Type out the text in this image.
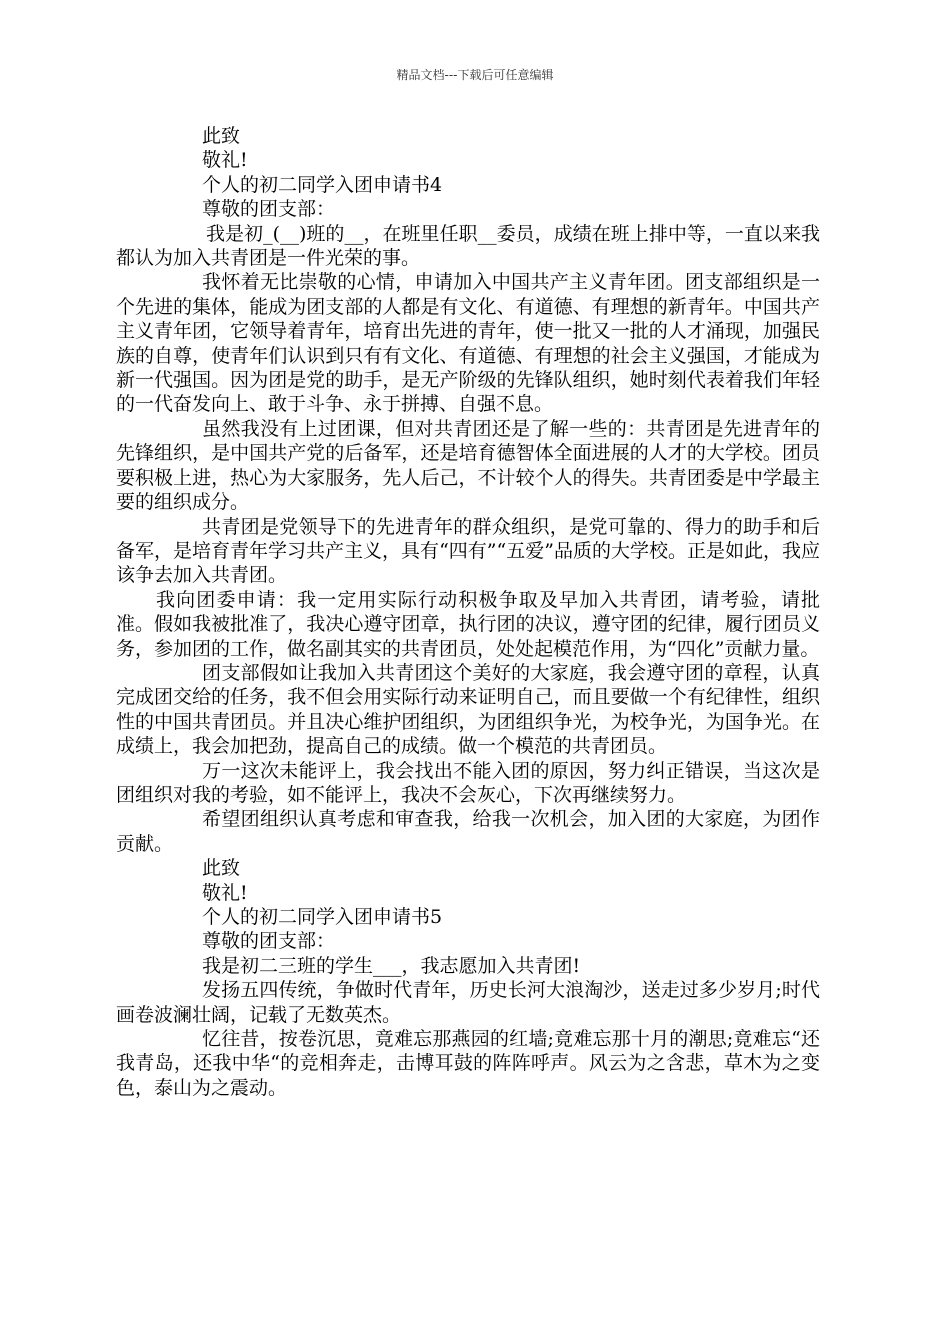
精品文档---下载后可任意编辑

此致

敬礼!

个人的初二同学入团申请书4

尊敬的团支部：

我是初_(__)班的__，在班里任职__委员，成绩在班上排中等，一直以来我都认为加入共青团是一件光荣的事。

我怀着无比崇敬的心情，申请加入中国共产主义青年团。团支部组织是一个先进的集体，能成为团支部的人都是有文化、有道德、有理想的新青年。中国共产主义青年团，它领导着青年，培育出先进的青年，使一批又一批的人才涌现，加强民族的自尊，使青年们认识到只有有文化、有道德、有理想的社会主义强国，才能成为新一代强国。因为团是党的助手，是无产阶级的先锋队组织，她时刻代表着我们年轻的一代奋发向上、敢于斗争、永于拼搏、自强不息。

虽然我没有上过团课，但对共青团还是了解一些的：共青团是先进青年的先锋组织，是中国共产党的后备军，还是培育德智体全面进展的人才的大学校。团员要积极上进，热心为大家服务，先人后己，不计较个人的得失。共青团委是中学最主要的组织成分。

共青团是党领导下的先进青年的群众组织，是党可靠的、得力的助手和后备军，是培育青年学习共产主义，具有“四有”“五爱”品质的大学校。正是如此，我应该争去加入共青团。

我向团委申请：我一定用实际行动积极争取及早加入共青团，请考验，请批准。假如我被批准了，我决心遵守团章，执行团的决议，遵守团的纪律，履行团员义务，参加团的工作，做名副其实的共青团员，处处起模范作用，为“四化”贡献力量。

团支部假如让我加入共青团这个美好的大家庭，我会遵守团的章程，认真完成团交给的任务，我不但会用实际行动来证明自己，而且要做一个有纪律性，组织性的中国共青团员。并且决心维护团组织，为团组织争光，为校争光，为国争光。在成绩上，我会加把劲，提高自己的成绩。做一个模范的共青团员。

万一这次未能评上，我会找出不能入团的原因，努力纠正错误，当这次是团组织对我的考验，如不能评上，我决不会灰心，下次再继续努力。

希望团组织认真考虑和审查我，给我一次机会，加入团的大家庭，为团作贡献。

此致

敬礼!

个人的初二同学入团申请书5

尊敬的团支部：

我是初二三班的学生___，我志愿加入共青团!

发扬五四传统，争做时代青年，历史长河大浪淘沙，送走过多少岁月;时代画卷波澜壮阔，记载了无数英杰。

忆往昔，按卷沉思，竟难忘那燕园的红墙;竟难忘那十月的潮思;竟难忘“还我青岛，还我中华“的竞相奔走，击博耳鼓的阵阵呼声。风云为之含悲，草木为之变色，泰山为之震动。
